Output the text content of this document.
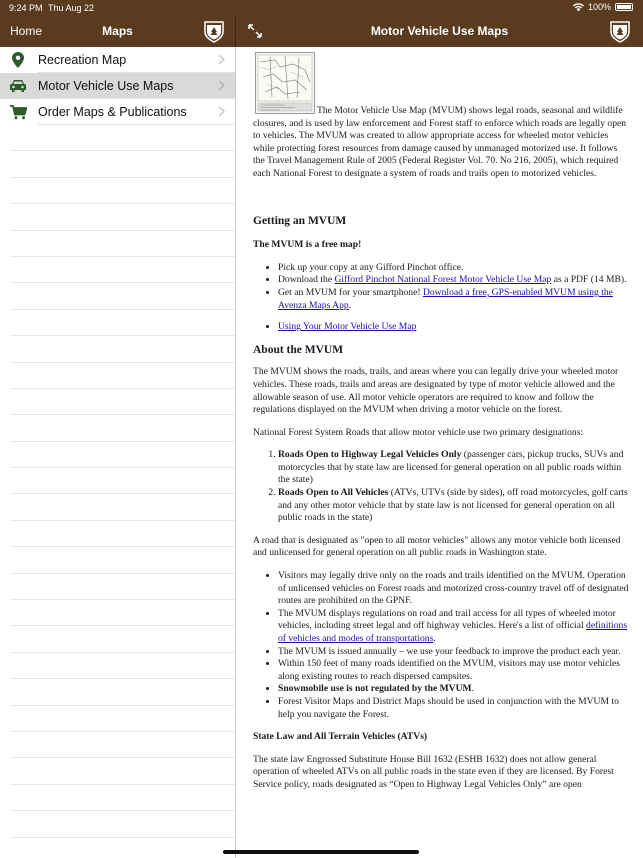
9:24 PM Thu Aug 22	100%
Home	Maps	Motor Vehicle Use Maps
Recreation Map
Motor Vehicle Use Maps
Order Maps & Publications	The Motor Vehicle Use Map (MVUM) shows legal roads, seasonal and wildlife closures, and is used by law enforcement and Forest staff to enforce which roads are legally open to vehicles. The MVUM was created to allow appropriate access for wheeled motor vehicles while protecting forest resources from damage caused by unmanaged motorized use. It follows the Travel Management Rule of 2005 (Federal Register Vol. 70. No 216, 2005), which required each National Forest to designate a system of roads and trails open to motorized vehicles.
Getting an MVUM

The MVUM is a free map!

• Pick up your copy at any Gifford Pinchot office.
• Download the Gifford Pinchot National Forest Motor Vehicle Use Map as a PDF (14 MB).
• Get an MVUM for your smartphone! Download a free, GPS-enabled MVUM using the Avenza Maps App.
• Using Your Motor Vehicle Use Map
About the MVUM

The MVUM shows the roads, trails, and areas where you can legally drive your wheeled motor vehicles. These roads, trails and areas are designated by type of motor vehicle allowed and the allowable season of use. All motor vehicle operators are required to know and follow the regulations displayed on the MVUM when driving a motor vehicle on the forest.

National Forest System Roads that allow motor vehicle use two primary designations:

1. Roads Open to Highway Legal Vehicles Only (passenger cars, pickup trucks, SUVs and motorcycles that by state law are licensed for general operation on all public roads within the state)
2. Roads Open to All Vehicles (ATVs, UTVs (side by sides), off road motorcycles, golf carts and any other motor vehicle that by state law is not licensed for general operation on all public roads in the state)

A road that is designated as "open to all motor vehicles" allows any motor vehicle both licensed and unlicensed for general operation on all public roads in Washington state.

• Visitors may legally drive only on the roads and trails identified on the MVUM. Operation of unlicensed vehicles on Forest roads and motorized cross-country travel off of designated routes are prohibited on the GPNF.
• The MVUM displays regulations on road and trail access for all types of wheeled motor vehicles, including street legal and off highway vehicles. Here's a list of official definitions of vehicles and modes of transportations.
• The MVUM is issued annually – we use your feedback to improve the product each year.
• Within 150 feet of many roads identified on the MVUM, visitors may use motor vehicles along existing routes to reach dispersed campsites.
• Snowmobile use is not regulated by the MVUM.
• Forest Visitor Maps and District Maps should be used in conjunction with the MVUM to help you navigate the Forest.

State Law and All Terrain Vehicles (ATVs)

The state law Engrossed Substitute House Bill 1632 (ESHB 1632) does not allow general operation of wheeled ATVs on all public roads in the state even if they are licensed. By Forest Service policy, roads designated as “Open to Highway Legal Vehicles Only” are open
